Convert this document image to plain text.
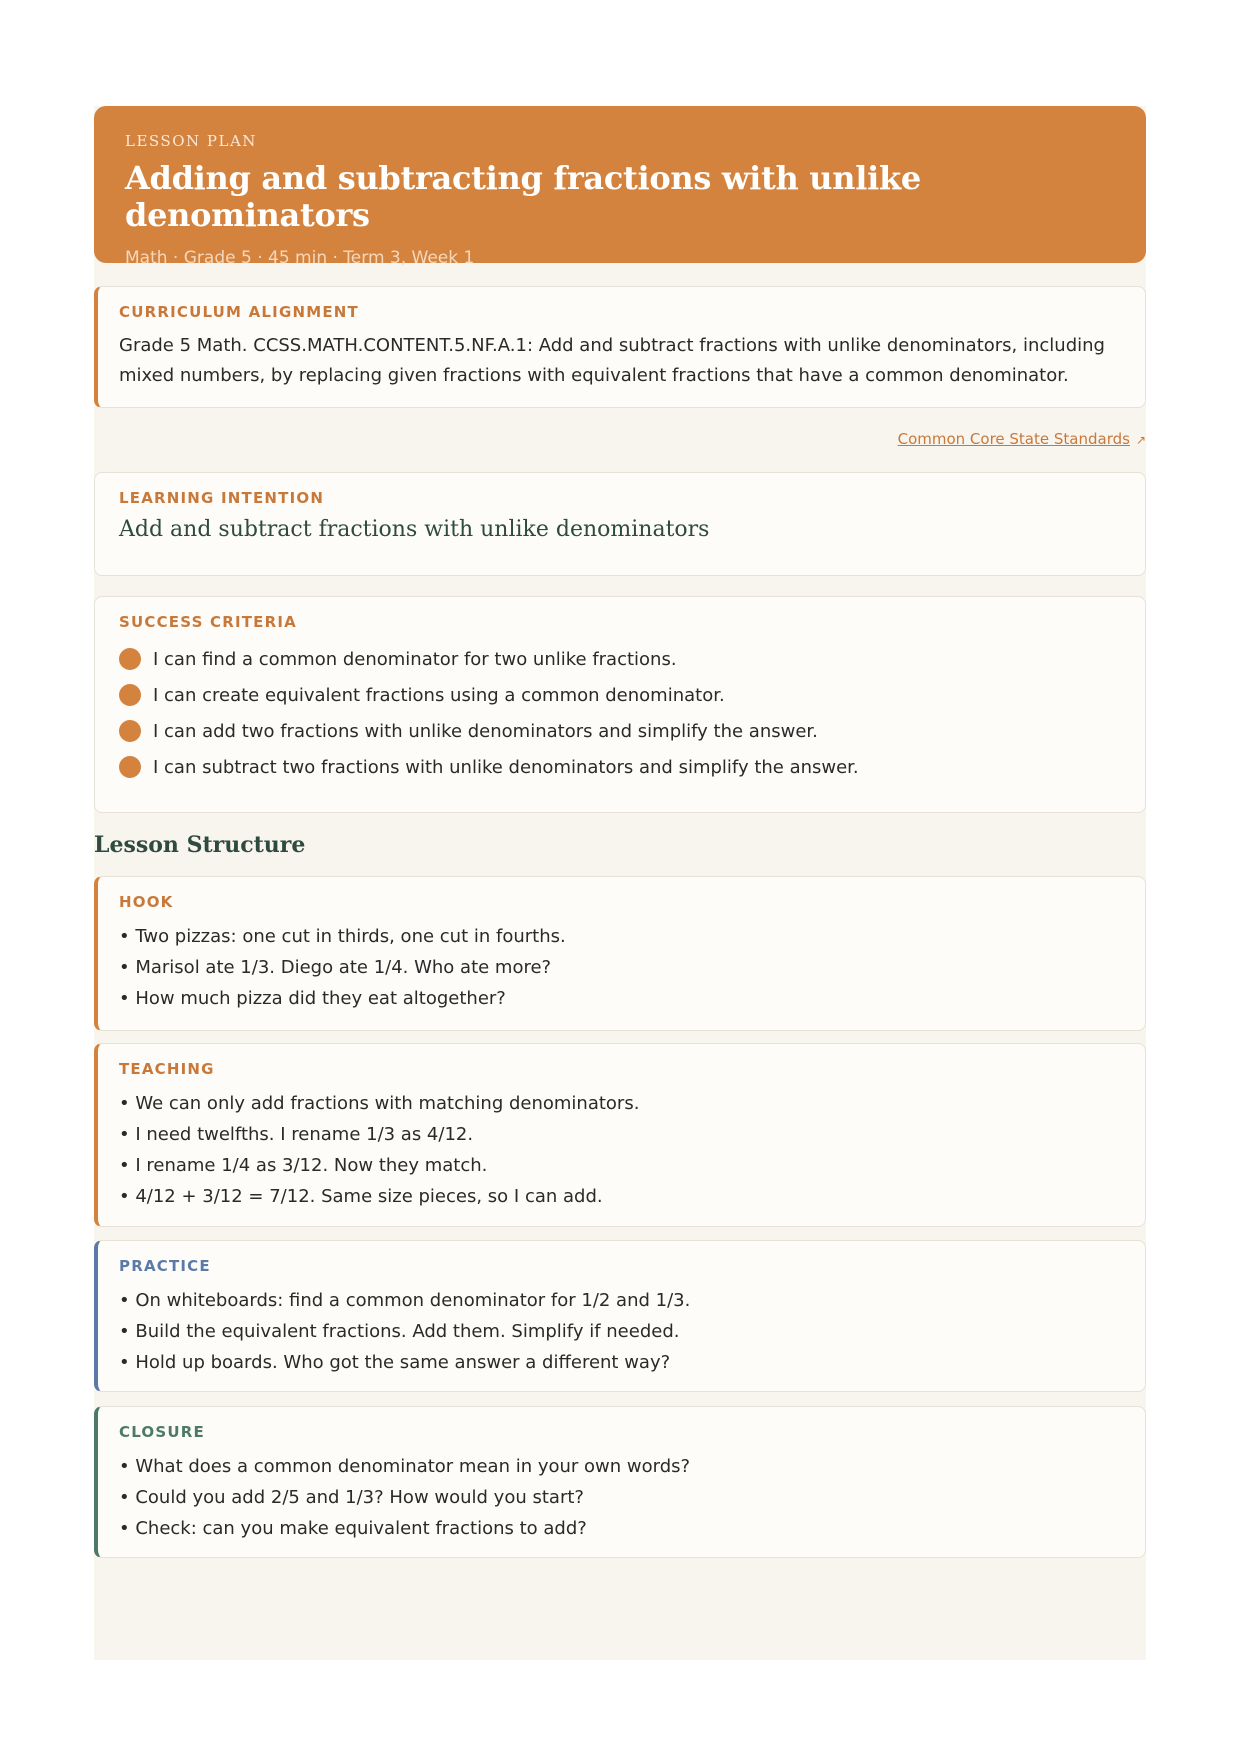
LESSON PLAN
Adding and subtracting fractions with unlike denominators
Math · Grade 5 · 45 min · Term 3, Week 1
CURRICULUM ALIGNMENT
Grade 5 Math. CCSS.MATH.CONTENT.5.NF.A.1: Add and subtract fractions with unlike denominators, including mixed numbers, by replacing given fractions with equivalent fractions that have a common denominator.
Common Core State Standards ↗
LEARNING INTENTION
Add and subtract fractions with unlike denominators
SUCCESS CRITERIA
I can find a common denominator for two unlike fractions.
I can create equivalent fractions using a common denominator.
I can add two fractions with unlike denominators and simplify the answer.
I can subtract two fractions with unlike denominators and simplify the answer.
Lesson Structure
HOOK
• Two pizzas: one cut in thirds, one cut in fourths.
• Marisol ate 1/3. Diego ate 1/4. Who ate more?
• How much pizza did they eat altogether?
TEACHING
• We can only add fractions with matching denominators.
• I need twelfths. I rename 1/3 as 4/12.
• I rename 1/4 as 3/12. Now they match.
• 4/12 + 3/12 = 7/12. Same size pieces, so I can add.
PRACTICE
• On whiteboards: find a common denominator for 1/2 and 1/3.
• Build the equivalent fractions. Add them. Simplify if needed.
• Hold up boards. Who got the same answer a different way?
CLOSURE
• What does a common denominator mean in your own words?
• Could you add 2/5 and 1/3? How would you start?
• Check: can you make equivalent fractions to add?
